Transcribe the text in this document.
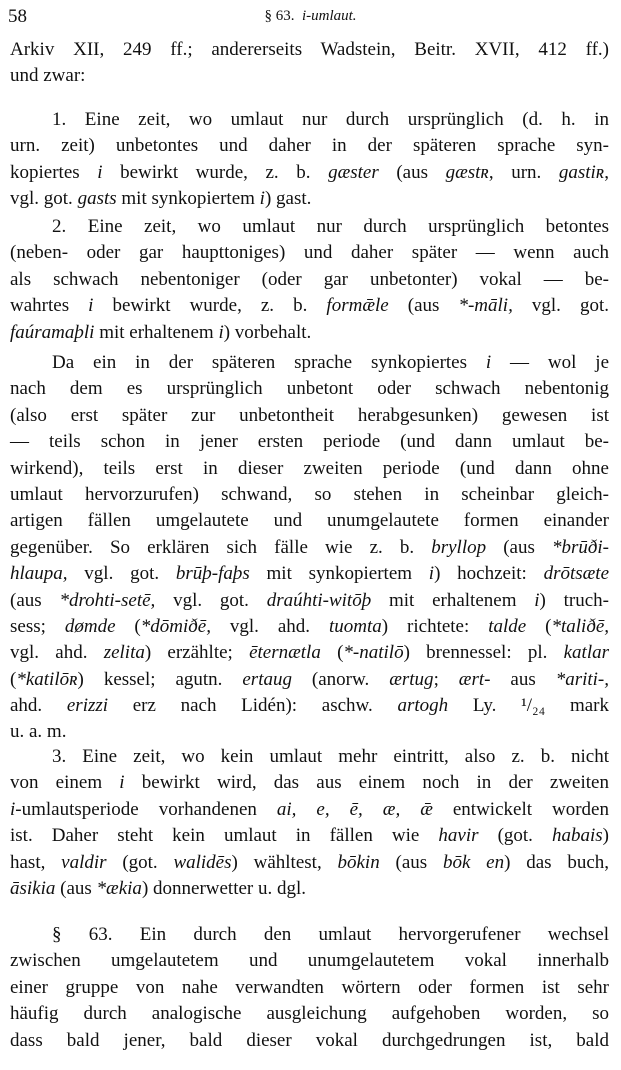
58	§ 63. i-umlaut.
Arkiv XII, 249 ff.; andererseits Wadstein, Beitr. XVII, 412 ff.)
und zwar:
1. Eine zeit, wo umlaut nur durch ursprünglich (d. h. in
urn. zeit) unbetontes und daher in der späteren sprache syn-
kopiertes i bewirkt wurde, z. b. gæster (aus gæstʀ, urn. gastiʀ,
vgl. got. gasts mit synkopiertem i) gast.
2. Eine zeit, wo umlaut nur durch ursprünglich betontes
(neben- oder gar haupttoniges) und daher später — wenn auch
als schwach nebentoniger (oder gar unbetonter) vokal — be-
wahrtes i bewirkt wurde, z. b. formǣle (aus *-māli, vgl. got.
faúramaþli mit erhaltenem i) vorbehalt.
Da ein in der späteren sprache synkopiertes i — wol je
nach dem es ursprünglich unbetont oder schwach nebentonig
(also erst später zur unbetontheit herabgesunken) gewesen ist
— teils schon in jener ersten periode (und dann umlaut be-
wirkend), teils erst in dieser zweiten periode (und dann ohne
umlaut hervorzurufen) schwand, so stehen in scheinbar gleich-
artigen fällen umgelautete und unumgelautete formen einander
gegenüber. So erklären sich fälle wie z. b. bryllop (aus *brūði-
hlaupa, vgl. got. brūþ-faþs mit synkopiertem i) hochzeit: drōtsæte
(aus *drohti-setē, vgl. got. draúhti-witōþ mit erhaltenem i) truch-
sess; dømde (*dōmiðē, vgl. ahd. tuomta) richtete: talde (*taliðē,
vgl. ahd. zelita) erzählte; ēternætla (*-natilō) brennessel: pl. katlar
(*katilōʀ) kessel; agutn. ertaug (anorw. ærtug; ært- aus *ariti-,
ahd. erizzi erz nach Lidén): aschw. artogh Ly. ¹/₂₄ mark
u. a. m.
3. Eine zeit, wo kein umlaut mehr eintritt, also z. b. nicht
von einem i bewirkt wird, das aus einem noch in der zweiten
i-umlautsperiode vorhandenen ai, e, ē, æ, ǣ entwickelt worden
ist. Daher steht kein umlaut in fällen wie havir (got. habais)
hast, valdir (got. walidēs) wähltest, bōkin (aus bōk en) das buch,
āsikia (aus *ækia) donnerwetter u. dgl.
§ 63. Ein durch den umlaut hervorgerufener wechsel
zwischen umgelautetem und unumgelautetem vokal innerhalb
einer gruppe von nahe verwandten wörtern oder formen ist sehr
häufig durch analogische ausgleichung aufgehoben worden, so
dass bald jener, bald dieser vokal durchgedrungen ist, bald
